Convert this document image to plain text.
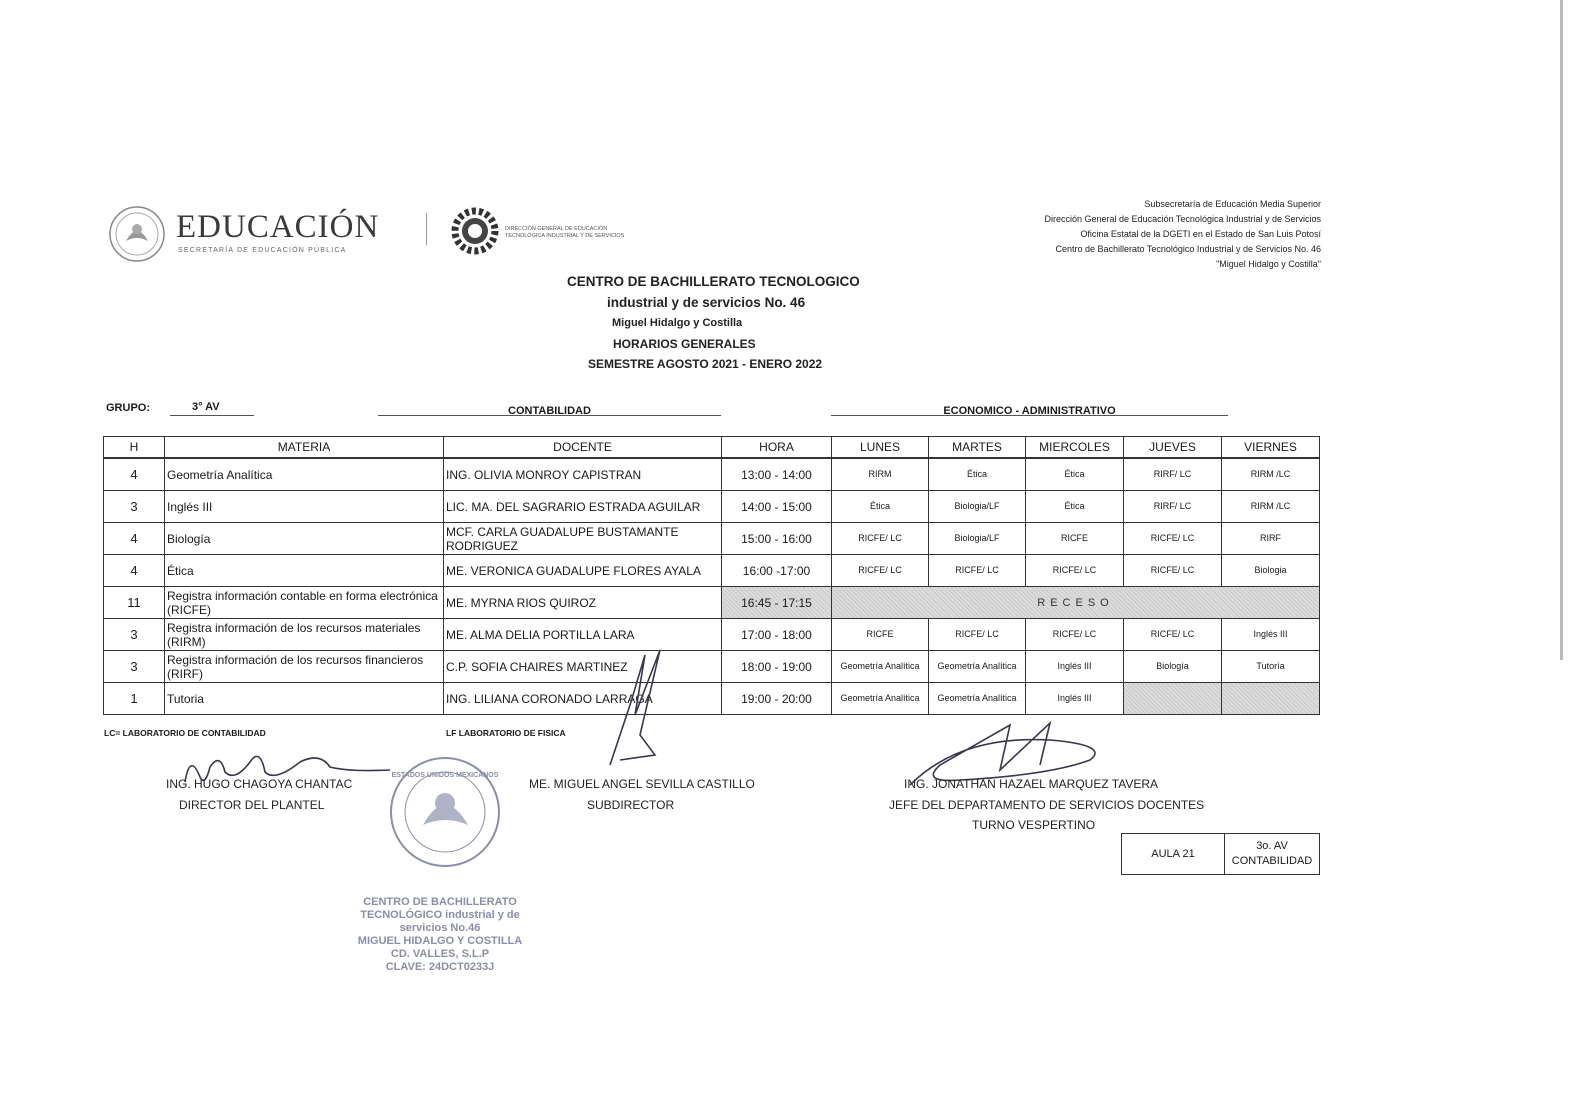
EDUCACIÓN
SECRETARÍA DE EDUCACIÓN PÚBLICA
DIRECCIÓN GENERAL DE EDUCACIÓN TECNOLÓGICA INDUSTRIAL Y DE SERVICIOS
Subsecretaría de Educación Media Superior
Dirección General de Educación Tecnológica Industrial y de Servicios
Oficina Estatal de la DGETI en el Estado de San Luis Potosí
Centro de Bachillerato Tecnológico Industrial y de Servicios No. 46
"Miguel Hidalgo y Costilla"
CENTRO DE BACHILLERATO TECNOLOGICO
industrial y de servicios No. 46
Miguel Hidalgo y Costilla
HORARIOS GENERALES
SEMESTRE AGOSTO 2021 - ENERO 2022
GRUPO:	3° AV	CONTABILIDAD	ECONOMICO - ADMINISTRATIVO
H	MATERIA	DOCENTE	HORA	LUNES	MARTES	MIERCOLES	JUEVES	VIERNES
4	Geometría Analítica	ING. OLIVIA MONROY CAPISTRAN	13:00 - 14:00	RIRM	Ética	Ética	RIRF/ LC	RIRM /LC
3	Inglés III	LIC. MA. DEL SAGRARIO ESTRADA AGUILAR	14:00 - 15:00	Ética	Biologia/LF	Ética	RIRF/ LC	RIRM /LC
4	Biología	MCF. CARLA GUADALUPE BUSTAMANTE RODRIGUEZ	15:00 - 16:00	RICFE/ LC	Biologia/LF	RICFE	RICFE/ LC	RIRF
4	Ética	ME. VERONICA GUADALUPE FLORES AYALA	16:00 -17:00	RICFE/ LC	RICFE/ LC	RICFE/ LC	RICFE/ LC	Biologia
11	Registra información contable en forma electrónica (RICFE)	ME. MYRNA RIOS QUIROZ	16:45 - 17:15	RECESO				
3	Registra información de los recursos materiales (RIRM)	ME. ALMA DELIA PORTILLA LARA	17:00 - 18:00	RICFE	RICFE/ LC	RICFE/ LC	RICFE/ LC	Inglés III
3	Registra información de los recursos financieros (RIRF)	C.P. SOFIA CHAIRES MARTINEZ	18:00 - 19:00	Geometría Analítica	Geometría Analítica	Inglés III	Biología	Tutoría
1	Tutoria	ING. LILIANA CORONADO LARRAGA	19:00 - 20:00	Geometría Analítica	Geometría Analítica	Inglés III		
LC= LABORATORIO DE CONTABILIDAD	LF LABORATORIO DE FISICA
ING. HUGO CHAGOYA CHANTAC
DIRECTOR DEL PLANTEL
ME. MIGUEL ANGEL SEVILLA CASTILLO
SUBDIRECTOR
ING. JONATHAN HAZAEL MARQUEZ TAVERA
JEFE DEL DEPARTAMENTO DE SERVICIOS DOCENTES
TURNO VESPERTINO
ESTADOS UNIDOS MEXICANOS
CENTRO DE BACHILLERATO
TECNOLÓGICO industrial y de
servicios No.46
MIGUEL HIDALGO Y COSTILLA
CD. VALLES, S.L.P
CLAVE: 24DCT0233J
AULA 21	
3o. AV
CONTABILIDAD
